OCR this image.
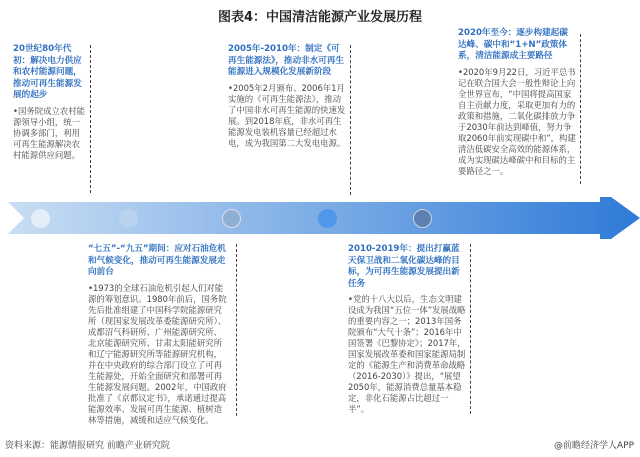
图表4：中国清洁能源产业发展历程
20世纪80年代初：解决电力供应和农村能源问题，推动可再生能源发展的起步
•国务院成立农村能源领导小组，统一协调多部门，利用可再生能源解决农村能源供应问题。
2005年-2010年：制定《可再生能源法》，推动非水可再生能源进入规模化发展新阶段
•2005年2月颁布、2006年1月实施的《可再生能源法》，推动了中国非水可再生能源的快速发展。到2018年底，非水可再生能源发电装机容量已经超过水电，成为我国第二大发电电源。
2020年至今：逐步构建起碳达峰、碳中和“1+N”政策体系，清洁能源成主要路径
•2020年9月22日，习近平总书记在联合国大会一般性辩论上向全世界宣布，“中国将提高国家自主贡献力度，采取更加有力的政策和措施，二氧化碳排放力争于2030年前达到峰值，努力争取2060年前实现碳中和”，构建清洁低碳安全高效的能源体系，成为实现碳达峰碳中和目标的主要路径之一。
“七五”-“九五”期间：应对石油危机和气候变化，推动可再生能源发展走向前台
•1973的全球石油危机引起人们对能源的筹划意识。1980年前后，国务院先后批准组建了中国科学院能源研究所（现国家发展改革委能源研究所）、成都沼气科研所、广州能源研究所、北京能源研究所、甘肃太阳能研究所和辽宁能源研究所等能源研究机构，并在中央政府的综合部门设立了可再生能源处，开始全面研究和部署可再生能源发展问题。2002年，中国政府批准了《京都议定书》，承诺通过提高能源效率、发展可再生能源、植树造林等措施，减缓和适应气候变化。
2010-2019年：提出打赢蓝天保卫战和二氧化碳达峰的目标，为可再生能源发展提出新任务
•党的十八大以后，生态文明建设成为我国“五位一体”发展战略的重要内容之一；2013年国务院颁布“大气十条”；2016年中国签署《巴黎协定》；2017年，国家发展改革委和国家能源局制定的《能源生产和消费革命战略（2016-2030）》提出，“展望2050年，能源消费总量基本稳定，非化石能源占比超过一半”。
资料来源：能源情报研究 前瞻产业研究院	@前瞻经济学人APP
